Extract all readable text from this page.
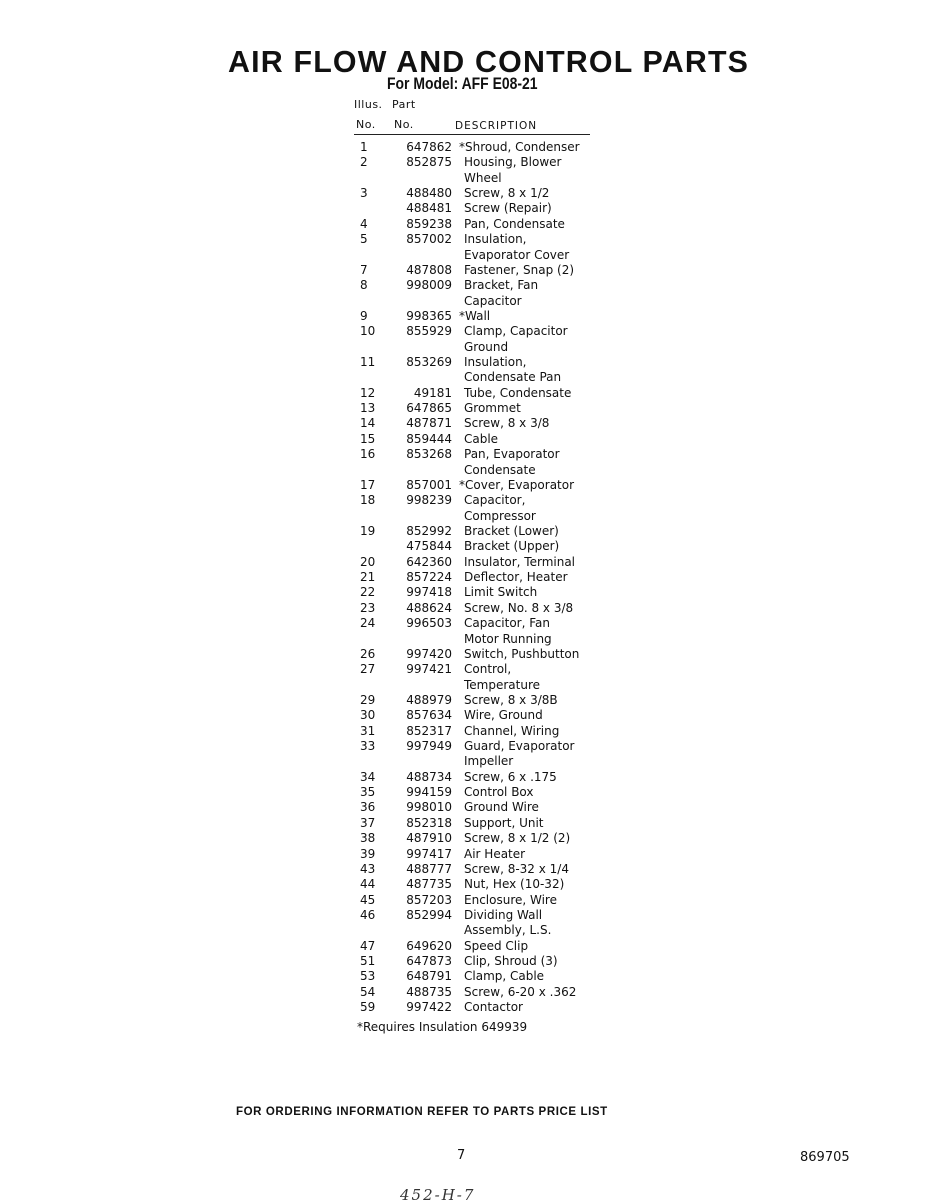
AIR FLOW AND CONTROL PARTS
For Model: AFF E08-21
Illus. Part
No. No.	DESCRIPTION
1	647862 *Shroud, Condenser
2	852875	Housing, Blower
Wheel
3	488480	Screw, 8 x 1/2
488481	Screw (Repair)
4	859238	Pan, Condensate
5	857002	Insulation,
Evaporator Cover
7	487808	Fastener, Snap (2)
8	998009	Bracket, Fan
Capacitor
9	998365 *Wall
10	855929	Clamp, Capacitor
Ground
11	853269	Insulation,
Condensate Pan
12	49181	Tube, Condensate
13	647865	Grommet
14	487871	Screw, 8 x 3/8
15	859444	Cable
16	853268	Pan, Evaporator
Condensate
17	857001 *Cover, Evaporator
18	998239	Capacitor,
Compressor
19	852992	Bracket (Lower)
475844	Bracket (Upper)
20	642360	Insulator, Terminal
21	857224	Deflector, Heater
22	997418	Limit Switch
23	488624	Screw, No. 8 x 3/8
24	996503	Capacitor, Fan
Motor Running
26	997420	Switch, Pushbutton
27	997421	Control,
Temperature
29	488979	Screw, 8 x 3/8B
30	857634	Wire, Ground
31	852317	Channel, Wiring
33	997949	Guard, Evaporator
Impeller
34	488734	Screw, 6 x .175
35	994159	Control Box
36	998010	Ground Wire
37	852318	Support, Unit
38	487910	Screw, 8 x 1/2 (2)
39	997417	Air Heater
43	488777	Screw, 8-32 x 1/4
44	487735	Nut, Hex (10-32)
45	857203	Enclosure, Wire
46	852994	Dividing Wall
Assembly, L.S.
47	649620	Speed Clip
51	647873	Clip, Shroud (3)
53	648791	Clamp, Cable
54	488735	Screw, 6-20 x .362
59	997422	Contactor
*Requires Insulation 649939
FOR ORDERING INFORMATION REFER TO PARTS PRICE LIST
7	869705
452-H-7
